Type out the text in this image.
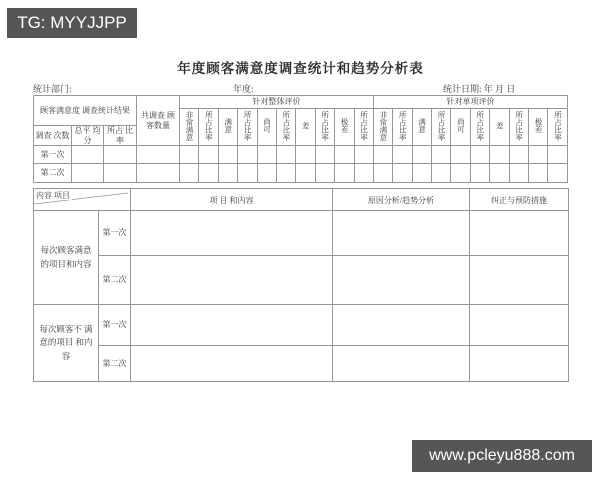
TG: MYYJJPP
年度顾客满意度调查统计和趋势分析表
统计部门:	年度:	统计日期: 年 月 日
顾客满意度 调查统计结果			共调查 顾客数量	针对整体评价										针对单项评价									
				非常满意	所占比率	满意	所占比率	尚可	所占比率	差	所占比率	极差	所占比率	非常满意	所占比率	满意	所占比率	尚可	所占比率	差	所占比率	极差	所占比率
调查 次数	总平 均分	所占 比率																					
第一次																							
第二次																							
内容 项目		项 目 和内容	原因分析/趋势分析	纠正与预防措施
每次顾客满意 的项目和内容	第一次			
	第二次			
每次顾客不 满意的项目 和内容	第一次			
	第二次			
www.pcleyu888.com
